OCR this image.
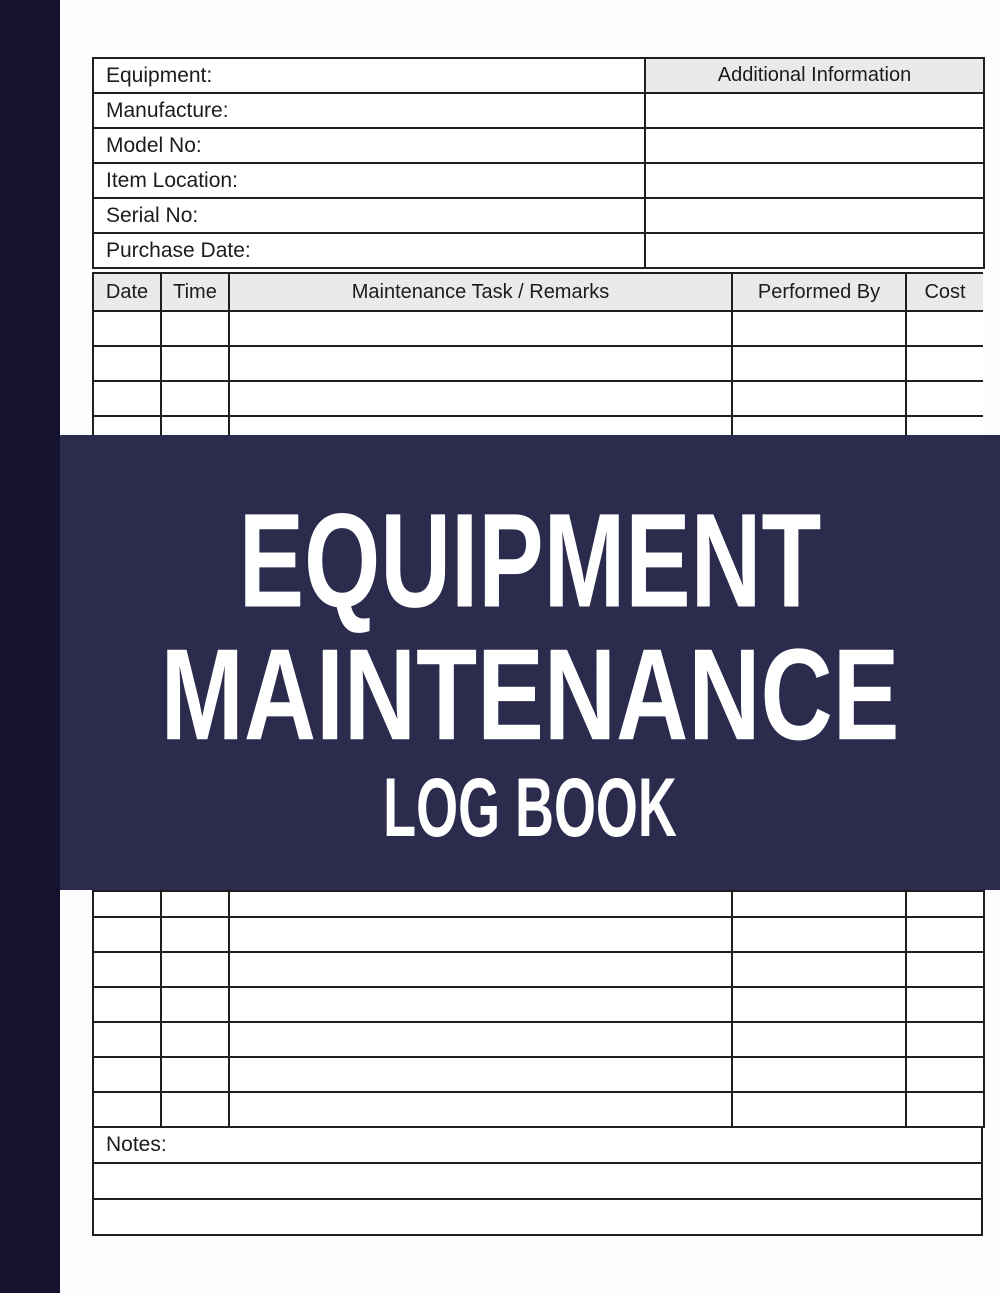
Equipment:	Additional Information
Manufacture:	
Model No:	
Item Location:	
Serial No:	
Purchase Date:	
Date	Time	Maintenance Task / Remarks	Performed By	Cost

EQUIPMENT
MAINTENANCE
LOG BOOK

Notes:
